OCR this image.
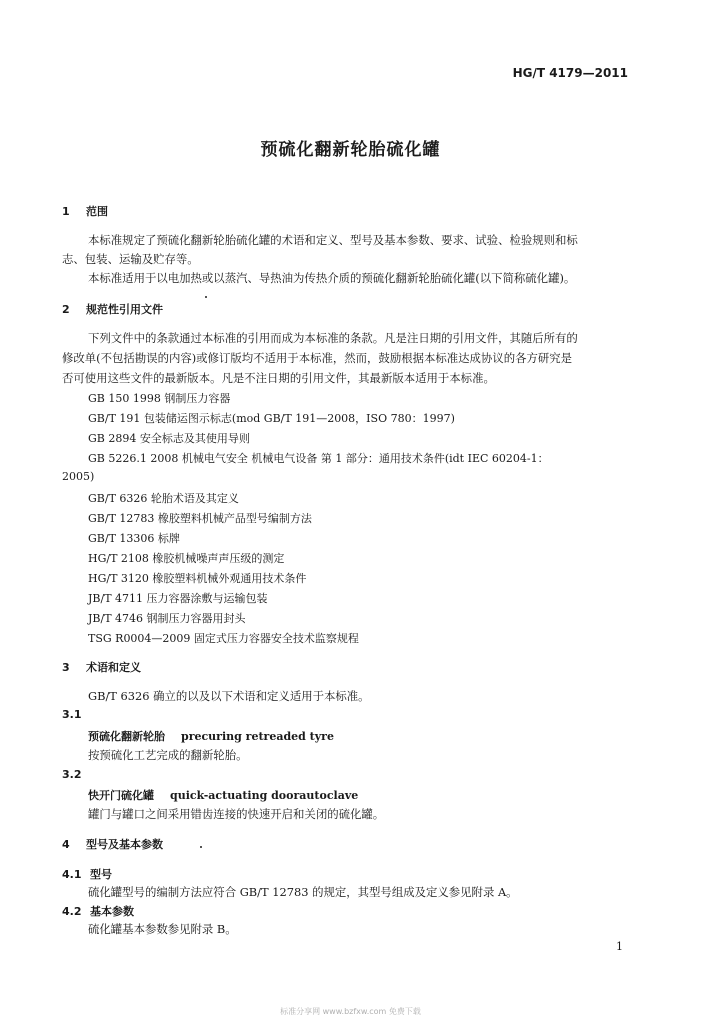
HG/T 4179—2011
预硫化翻新轮胎硫化罐
1 范围
本标准规定了预硫化翻新轮胎硫化罐的术语和定义、型号及基本参数、要求、试验、检验规则和标
志、包装、运输及贮存等。
本标准适用于以电加热或以蒸汽、导热油为传热介质的预硫化翻新轮胎硫化罐(以下简称硫化罐)。
2 规范性引用文件
下列文件中的条款通过本标准的引用而成为本标准的条款。凡是注日期的引用文件，其随后所有的
修改单(不包括勘误的内容)或修订版均不适用于本标准，然而，鼓励根据本标准达成协议的各方研究是
否可使用这些文件的最新版本。凡是不注日期的引用文件，其最新版本适用于本标准。
GB 150 1998 钢制压力容器
GB/T 191 包装储运图示标志(mod GB/T 191—2008，ISO 780：1997)
GB 2894 安全标志及其使用导则
GB 5226.1 2008 机械电气安全 机械电气设备 第 1 部分：通用技术条件(idt IEC 60204-1：
2005)
GB/T 6326 轮胎术语及其定义
GB/T 12783 橡胶塑料机械产品型号编制方法
GB/T 13306 标牌
HG/T 2108 橡胶机械噪声声压级的测定
HG/T 3120 橡胶塑料机械外观通用技术条件
JB/T 4711 压力容器涂敷与运输包装
JB/T 4746 钢制压力容器用封头
TSG R0004—2009 固定式压力容器安全技术监察规程
3 术语和定义
GB/T 6326 确立的以及以下术语和定义适用于本标准。
3.1
预硫化翻新轮胎 precuring retreaded tyre
按预硫化工艺完成的翻新轮胎。
3.2
快开门硫化罐 quick-actuating doorautoclave
罐门与罐口之间采用错齿连接的快速开启和关闭的硫化罐。
4 型号及基本参数
4.1 型号
硫化罐型号的编制方法应符合 GB/T 12783 的规定，其型号组成及定义参见附录 A。
4.2 基本参数
硫化罐基本参数参见附录 B。
1
标准分享网 www.bzfxw.com 免费下载
